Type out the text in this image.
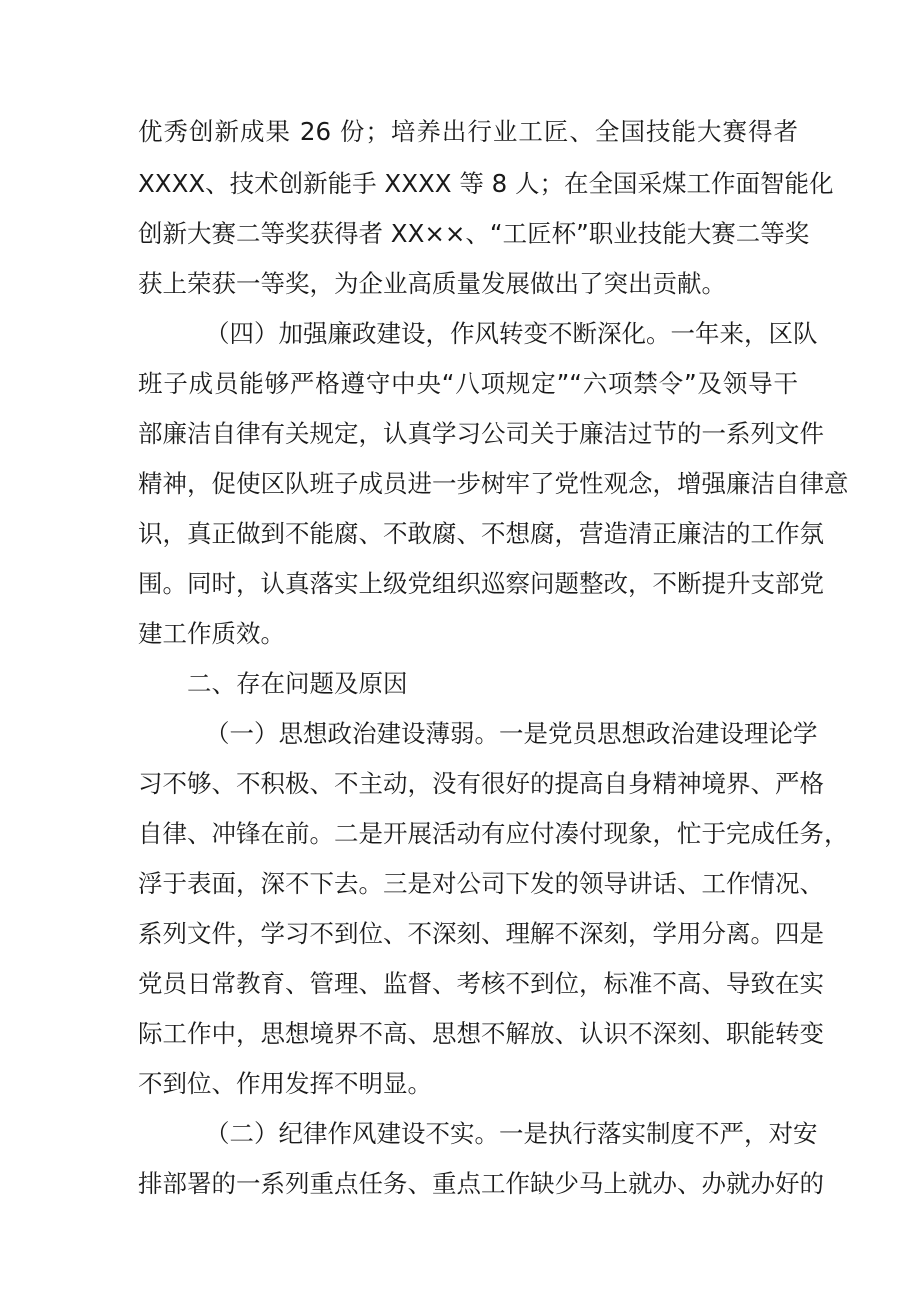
优秀创新成果 26 份；培养出行业工匠、全国技能大赛得者
XXXX、技术创新能手 XXXX 等 8 人；在全国采煤工作面智能化
创新大赛二等奖获得者 XX××、“工匠杯”职业技能大赛二等奖
获上荣获一等奖，为企业高质量发展做出了突出贡献。
（四）加强廉政建设，作风转变不断深化。一年来，区队
班子成员能够严格遵守中央“八项规定”“六项禁令”及领导干
部廉洁自律有关规定，认真学习公司关于廉洁过节的一系列文件
精神，促使区队班子成员进一步树牢了党性观念，增强廉洁自律意
识，真正做到不能腐、不敢腐、不想腐，营造清正廉洁的工作氛
围。同时，认真落实上级党组织巡察问题整改，不断提升支部党
建工作质效。
二、存在问题及原因
（一）思想政治建设薄弱。一是党员思想政治建设理论学
习不够、不积极、不主动，没有很好的提高自身精神境界、严格
自律、冲锋在前。二是开展活动有应付凑付现象，忙于完成任务，
浮于表面，深不下去。三是对公司下发的领导讲话、工作情况、
系列文件，学习不到位、不深刻、理解不深刻，学用分离。四是
党员日常教育、管理、监督、考核不到位，标准不高、导致在实
际工作中，思想境界不高、思想不解放、认识不深刻、职能转变
不到位、作用发挥不明显。
（二）纪律作风建设不实。一是执行落实制度不严，对安
排部署的一系列重点任务、重点工作缺少马上就办、办就办好的
